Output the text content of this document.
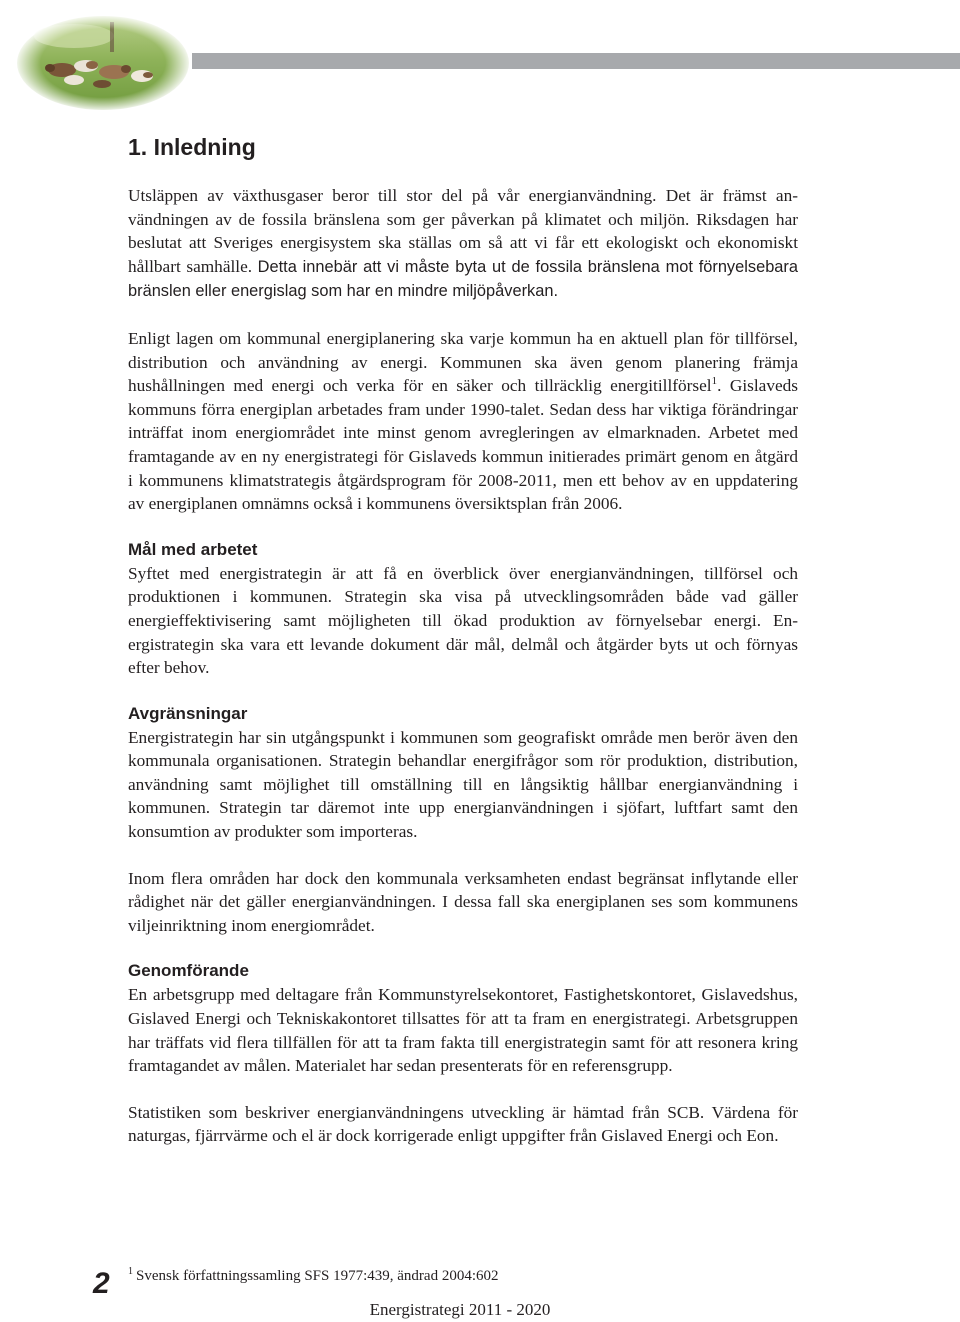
1. Inledning

Utsläppen av växthusgaser beror till stor del på vår energianvändning. Det är främst användningen av de fossila bränslena som ger påverkan på klimatet och miljön. Riksdagen har beslutat att Sveriges energisystem ska ställas om så att vi får ett ekologiskt och ekonomiskt hållbart samhälle. Detta innebär att vi måste byta ut de fossila bränslena mot förnyelsebara bränslen eller energislag som har en mindre miljöpåverkan.

Enligt lagen om kommunal energiplanering ska varje kommun ha en aktuell plan för tillförsel, distribution och användning av energi. Kommunen ska även genom planering främja hushållningen med energi och verka för en säker och tillräcklig energitillförsel$^1$. Gislaveds kommuns förra energiplan arbetades fram under 1990-talet. Sedan dess har viktiga förändringar inträffat inom energiområdet inte minst genom avregleringen av elmarknaden. Arbetet med framtagande av en ny energistrategi för Gislaveds kommun initierades primärt genom en åtgärd i kommunens klimatstrategis åtgärdsprogram för 2008-2011, men ett behov av en uppdatering av energiplanen omnämns också i kommunens översiktsplan från 2006.

Mål med arbetet

Syftet med energistrategin är att få en överblick över energianvändningen, tillförsel och produktionen i kommunen. Strategin ska visa på utvecklingsområden både vad gäller energieffektivisering samt möjligheten till ökad produktion av förnyelsebar energi. Energistrategin ska vara ett levande dokument där mål, delmål och åtgärder byts ut och förnyas efter behov.

Avgränsningar

Energistrategin har sin utgångspunkt i kommunen som geografiskt område men berör även den kommunala organisationen. Strategin behandlar energifrågor som rör produktion, distribution, användning samt möjlighet till omställning till en långsiktig hållbar energianvändning i kommunen. Strategin tar däremot inte upp energianvändningen i sjöfart, luftfart samt den konsumtion av produkter som importeras.

Inom flera områden har dock den kommunala verksamheten endast begränsat inflytande eller rådighet när det gäller energianvändningen. I dessa fall ska energiplanen ses som kommunens viljeinriktning inom energiområdet.

Genomförande

En arbetsgrupp med deltagare från Kommunstyrelsekontoret, Fastighetskontoret, Gislavedshus, Gislaved Energi och Tekniskakontoret tillsattes för att ta fram en energistrategi. Arbetsgruppen har träffats vid flera tillfällen för att ta fram fakta till energistrategin samt för att resonera kring framtagandet av målen. Materialet har sedan presenterats för en referensgrupp.

Statistiken som beskriver energianvändningens utveckling är hämtad från SCB. Värdena för naturgas, fjärrvärme och el är dock korrigerade enligt uppgifter från Gislaved Energi och Eon.

2 $^1$ Svensk författningssamling SFS 1977:439, ändrad 2004:602
Energistrategi 2011 - 2020
